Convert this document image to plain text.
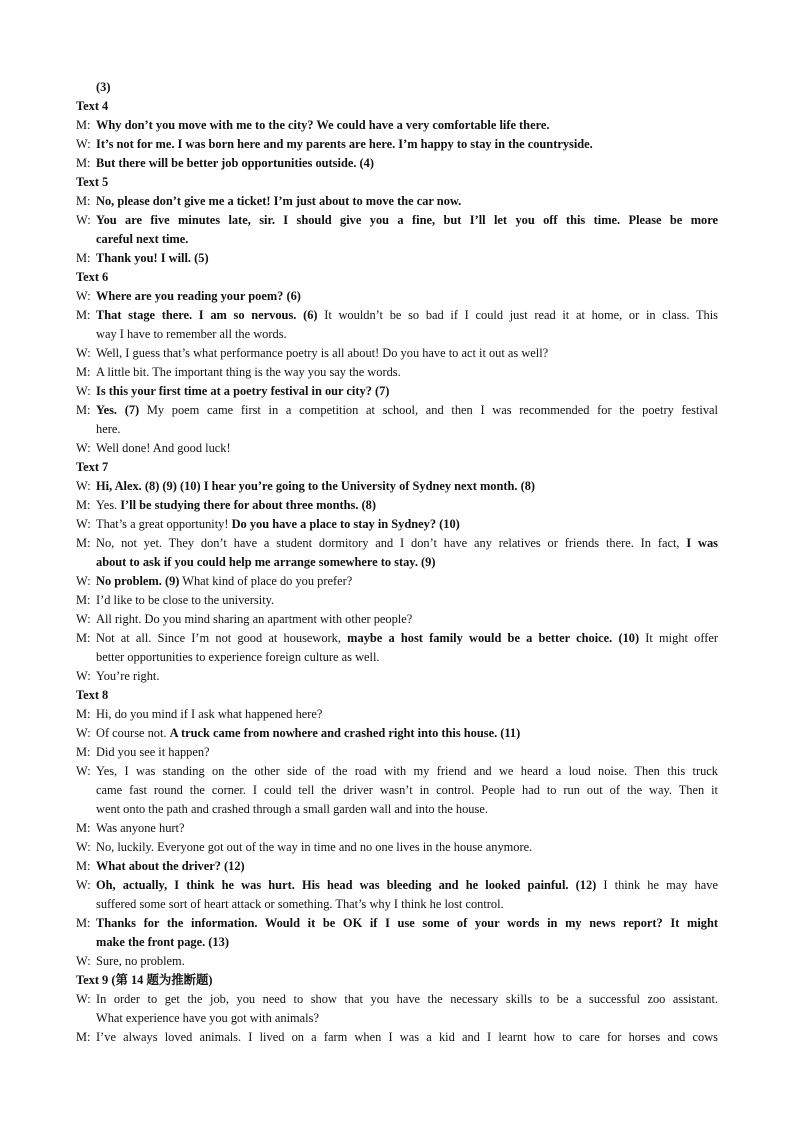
(3)
Text 4
M: Why don’t you move with me to the city? We could have a very comfortable life there.
W: It’s not for me. I was born here and my parents are here. I’m happy to stay in the countryside.
M: But there will be better job opportunities outside. (4)
Text 5
M: No, please don’t give me a ticket! I’m just about to move the car now.
W: You are five minutes late, sir. I should give you a fine, but I’ll let you off this time. Please be more
careful next time.
M: Thank you! I will. (5)
Text 6
W: Where are you reading your poem? (6)
M: That stage there. I am so nervous. (6) It wouldn’t be so bad if I could just read it at home, or in class. This
way I have to remember all the words.
W: Well, I guess that’s what performance poetry is all about! Do you have to act it out as well?
M: A little bit. The important thing is the way you say the words.
W: Is this your first time at a poetry festival in our city? (7)
M: Yes. (7) My poem came first in a competition at school, and then I was recommended for the poetry festival
here.
W: Well done! And good luck!
Text 7
W: Hi, Alex. (8) (9) (10) I hear you’re going to the University of Sydney next month. (8)
M: Yes. I’ll be studying there for about three months. (8)
W: That’s a great opportunity! Do you have a place to stay in Sydney? (10)
M: No, not yet. They don’t have a student dormitory and I don’t have any relatives or friends there. In fact, I was
about to ask if you could help me arrange somewhere to stay. (9)
W: No problem. (9) What kind of place do you prefer?
M: I’d like to be close to the university.
W: All right. Do you mind sharing an apartment with other people?
M: Not at all. Since I’m not good at housework, maybe a host family would be a better choice. (10) It might offer
better opportunities to experience foreign culture as well.
W: You’re right.
Text 8
M: Hi, do you mind if I ask what happened here?
W: Of course not. A truck came from nowhere and crashed right into this house. (11)
M: Did you see it happen?
W: Yes, I was standing on the other side of the road with my friend and we heard a loud noise. Then this truck
came fast round the corner. I could tell the driver wasn’t in control. People had to run out of the way. Then it
went onto the path and crashed through a small garden wall and into the house.
M: Was anyone hurt?
W: No, luckily. Everyone got out of the way in time and no one lives in the house anymore.
M: What about the driver? (12)
W: Oh, actually, I think he was hurt. His head was bleeding and he looked painful. (12) I think he may have
suffered some sort of heart attack or something. That’s why I think he lost control.
M: Thanks for the information. Would it be OK if I use some of your words in my news report? It might
make the front page. (13)
W: Sure, no problem.
Text 9 (第 14 题为推断题)
W: In order to get the job, you need to show that you have the necessary skills to be a successful zoo assistant.
What experience have you got with animals?
M: I’ve always loved animals. I lived on a farm when I was a kid and I learnt how to care for horses and cows
